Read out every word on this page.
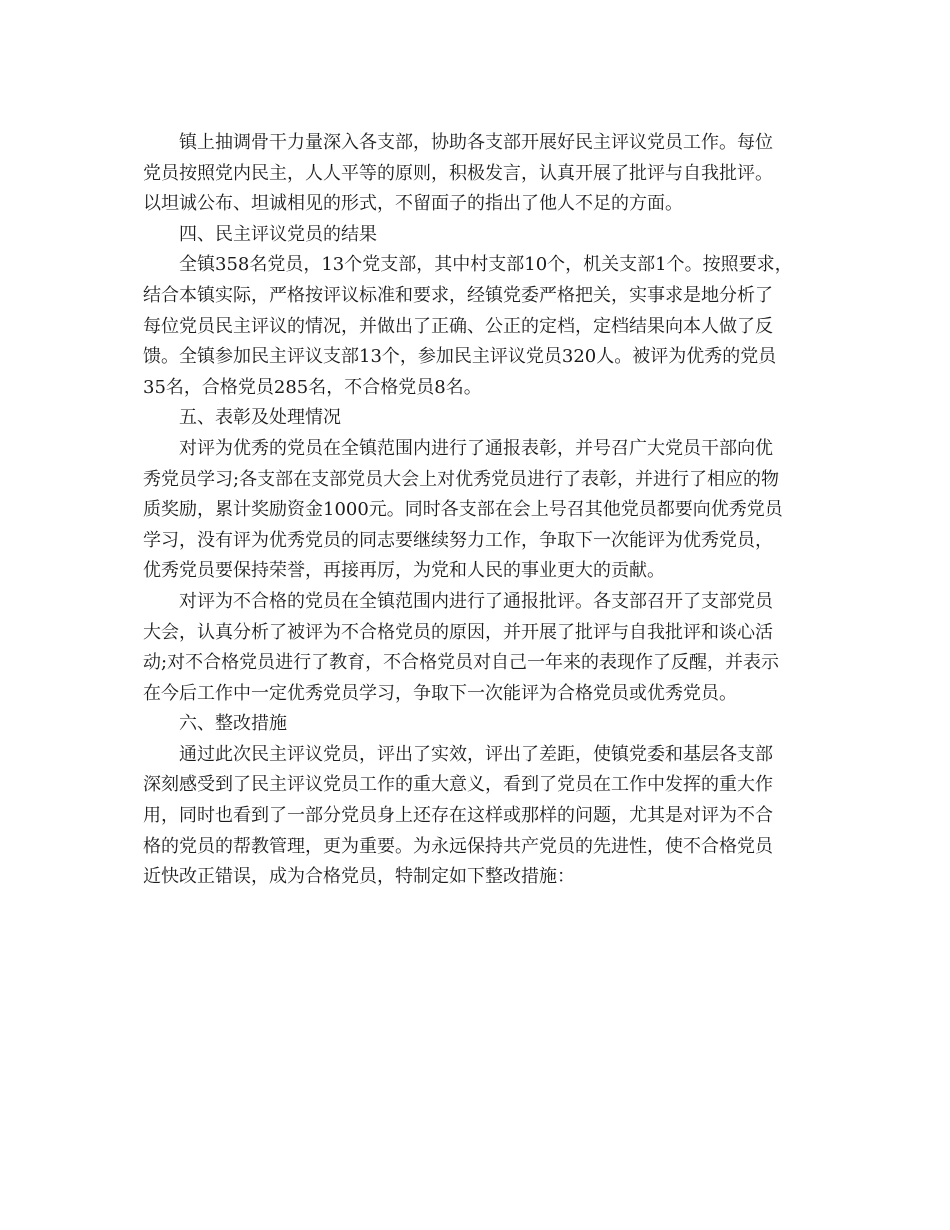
镇上抽调骨干力量深入各支部，协助各支部开展好民主评议党员工作。每位
党员按照党内民主，人人平等的原则，积极发言，认真开展了批评与自我批评。
以坦诚公布、坦诚相见的形式，不留面子的指出了他人不足的方面。
四、民主评议党员的结果
全镇358名党员，13个党支部，其中村支部10个，机关支部1个。按照要求，
结合本镇实际，严格按评议标准和要求，经镇党委严格把关，实事求是地分析了
每位党员民主评议的情况，并做出了正确、公正的定档，定档结果向本人做了反
馈。全镇参加民主评议支部13个，参加民主评议党员320人。被评为优秀的党员
35名，合格党员285名，不合格党员8名。
五、表彰及处理情况
对评为优秀的党员在全镇范围内进行了通报表彰，并号召广大党员干部向优
秀党员学习;各支部在支部党员大会上对优秀党员进行了表彰，并进行了相应的物
质奖励，累计奖励资金1000元。同时各支部在会上号召其他党员都要向优秀党员
学习，没有评为优秀党员的同志要继续努力工作，争取下一次能评为优秀党员，
优秀党员要保持荣誉，再接再厉，为党和人民的事业更大的贡献。
对评为不合格的党员在全镇范围内进行了通报批评。各支部召开了支部党员
大会，认真分析了被评为不合格党员的原因，并开展了批评与自我批评和谈心活
动;对不合格党员进行了教育，不合格党员对自己一年来的表现作了反醒，并表示
在今后工作中一定优秀党员学习，争取下一次能评为合格党员或优秀党员。
六、整改措施
通过此次民主评议党员，评出了实效，评出了差距，使镇党委和基层各支部
深刻感受到了民主评议党员工作的重大意义，看到了党员在工作中发挥的重大作
用，同时也看到了一部分党员身上还存在这样或那样的问题，尤其是对评为不合
格的党员的帮教管理，更为重要。为永远保持共产党员的先进性，使不合格党员
近快改正错误，成为合格党员，特制定如下整改措施：
